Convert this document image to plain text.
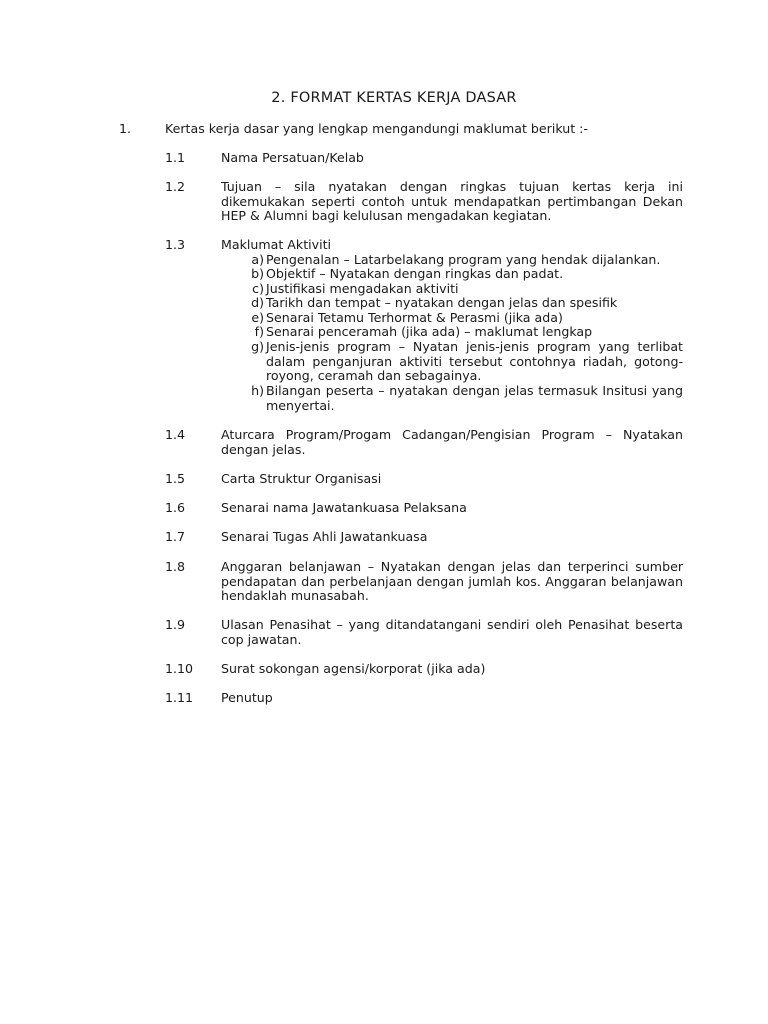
2. FORMAT KERTAS KERJA DASAR
1.	Kertas kerja dasar yang lengkap mengandungi maklumat berikut :-
1.1	Nama Persatuan/Kelab
1.2	Tujuan – sila nyatakan dengan ringkas tujuan kertas kerja ini dikemukakan seperti contoh untuk mendapatkan pertimbangan Dekan HEP & Alumni bagi kelulusan mengadakan kegiatan.
1.3	Maklumat Aktiviti
a) Pengenalan – Latarbelakang program yang hendak dijalankan.
b) Objektif – Nyatakan dengan ringkas dan padat.
c) Justifikasi mengadakan aktiviti
d) Tarikh dan tempat – nyatakan dengan jelas dan spesifik
e) Senarai Tetamu Terhormat & Perasmi (jika ada)
f) Senarai penceramah (jika ada) – maklumat lengkap
g) Jenis-jenis program – Nyatan jenis-jenis program yang terlibat dalam penganjuran aktiviti tersebut contohnya riadah, gotong-royong, ceramah dan sebagainya.
h) Bilangan peserta – nyatakan dengan jelas termasuk Insitusi yang menyertai.
1.4	Aturcara Program/Progam Cadangan/Pengisian Program – Nyatakan dengan jelas.
1.5	Carta Struktur Organisasi
1.6	Senarai nama Jawatankuasa Pelaksana
1.7	Senarai Tugas Ahli Jawatankuasa
1.8	Anggaran belanjawan – Nyatakan dengan jelas dan terperinci sumber pendapatan dan perbelanjaan dengan jumlah kos. Anggaran belanjawan hendaklah munasabah.
1.9	Ulasan Penasihat – yang ditandatangani sendiri oleh Penasihat beserta cop jawatan.
1.10 Surat sokongan agensi/korporat (jika ada)
1.11 Penutup
